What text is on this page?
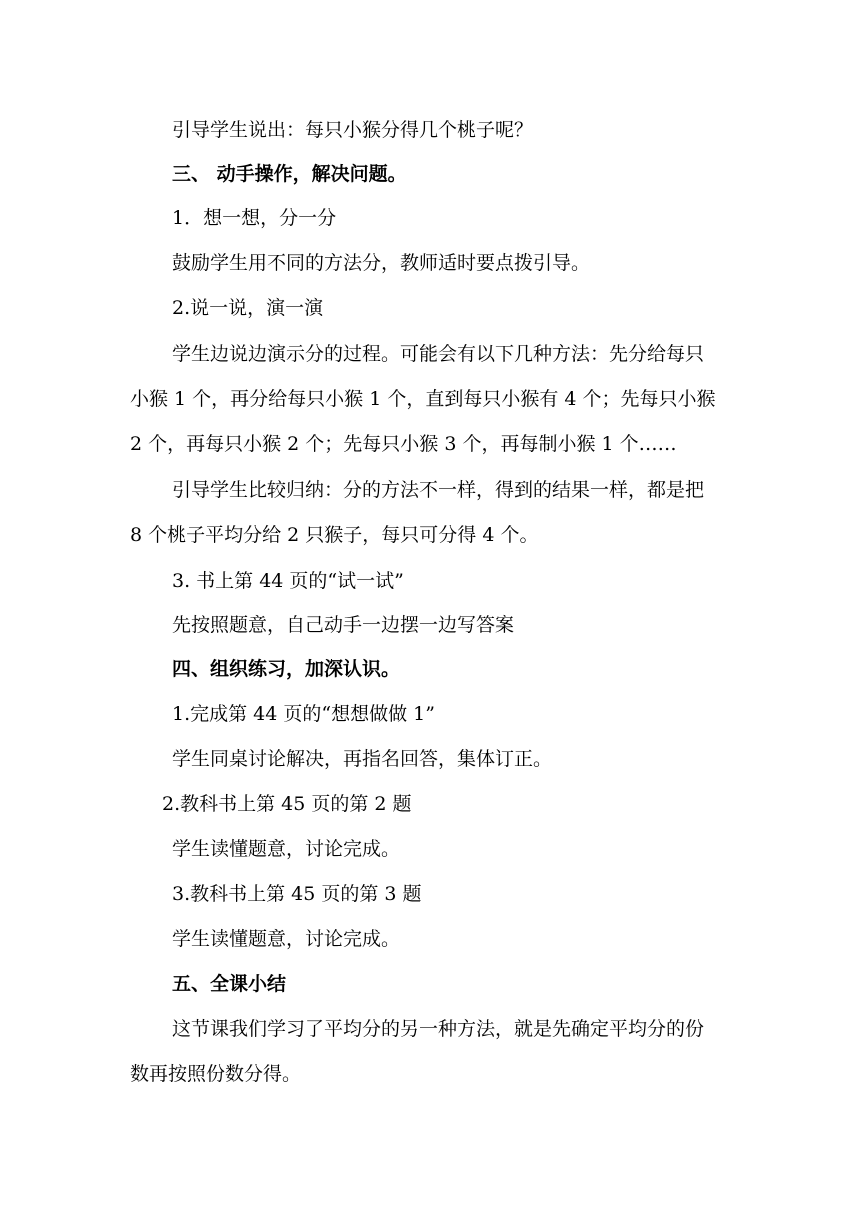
引导学生说出：每只小猴分得几个桃子呢？
三、 动手操作，解决问题。
1．想一想，分一分
鼓励学生用不同的方法分，教师适时要点拨引导。
2.说一说，演一演
学生边说边演示分的过程。可能会有以下几种方法：先分给每只
小猴 1 个，再分给每只小猴 1 个，直到每只小猴有 4 个；先每只小猴
2 个，再每只小猴 2 个；先每只小猴 3 个，再每制小猴 1 个……
引导学生比较归纳：分的方法不一样，得到的结果一样，都是把
8 个桃子平均分给 2 只猴子，每只可分得 4 个。
3. 书上第 44 页的“试一试”
先按照题意，自己动手一边摆一边写答案
四、组织练习，加深认识。
1.完成第 44 页的“想想做做 1”
学生同桌讨论解决，再指名回答，集体订正。
2.教科书上第 45 页的第 2 题
学生读懂题意，讨论完成。
3.教科书上第 45 页的第 3 题
学生读懂题意，讨论完成。
五、全课小结
这节课我们学习了平均分的另一种方法，就是先确定平均分的份
数再按照份数分得。
